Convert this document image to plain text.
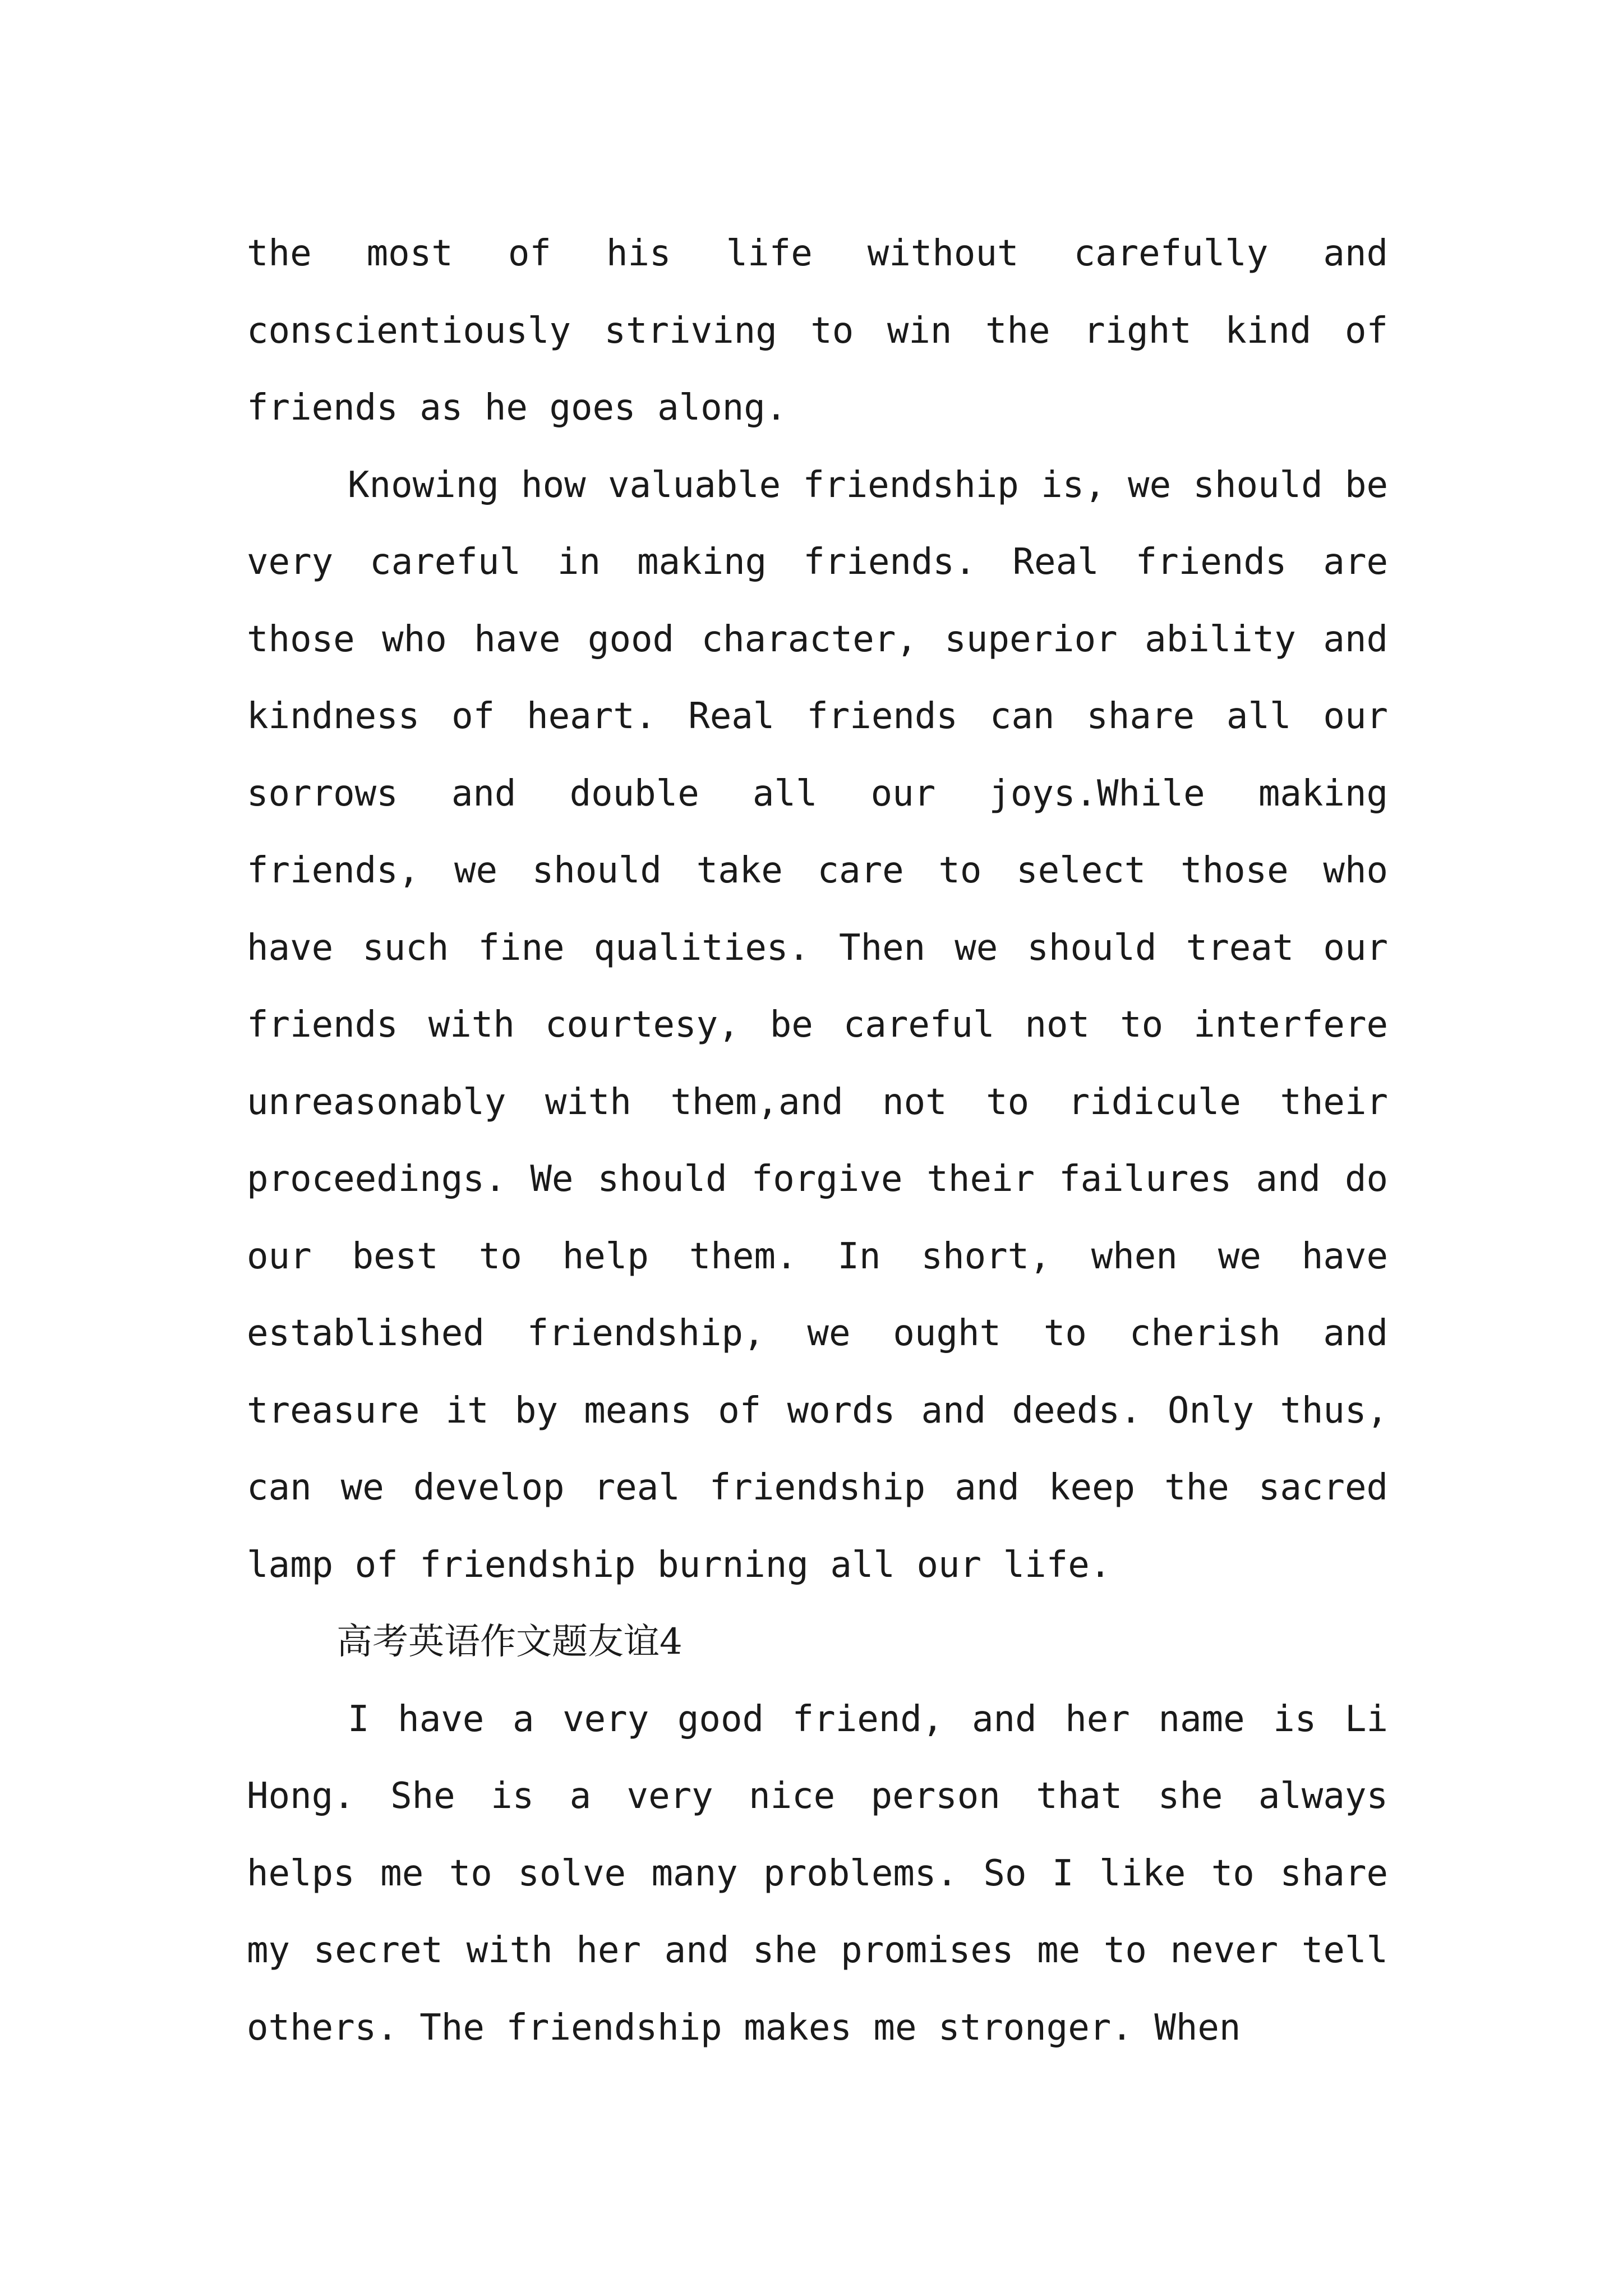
the most of his life without carefully and conscientiously striving to win the right kind of friends as he goes along.

Knowing how valuable friendship is, we should be very careful in making friends. Real friends are those who have good character, superior ability and kindness of heart. Real friends can share all our sorrows and double all our joys.While making friends, we should take care to select those who have such fine qualities. Then we should treat our friends with courtesy, be careful not to interfere unreasonably with them,and not to ridicule their proceedings. We should forgive their failures and do our best to help them. In short, when we have established friendship, we ought to cherish and treasure it by means of words and deeds. Only thus, can we develop real friendship and keep the sacred lamp of friendship burning all our life.

高考英语作文题友谊4

I have a very good friend, and her name is Li Hong. She is a very nice person that she always helps me to solve many problems. So I like to share my secret with her and she promises me to never tell others. The friendship makes me stronger. When
